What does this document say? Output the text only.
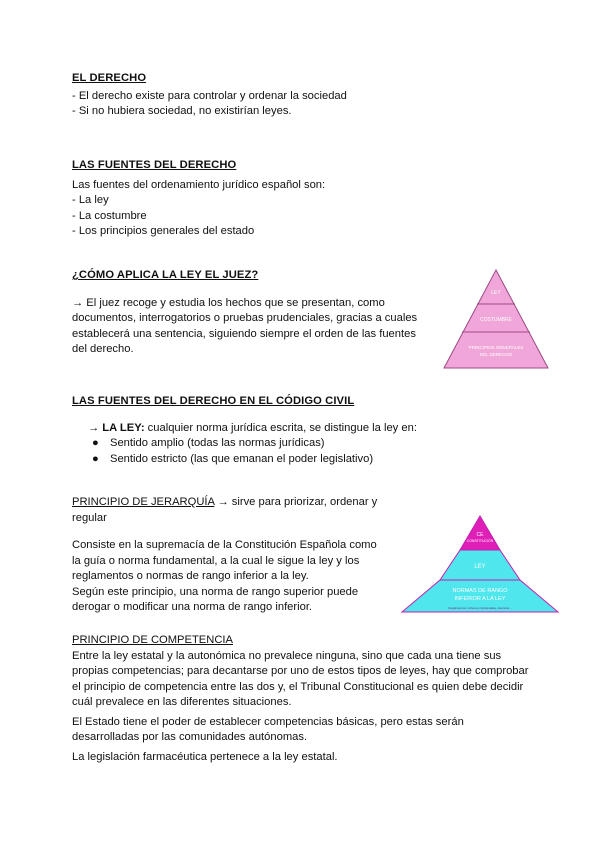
EL DERECHO
- El derecho existe para controlar y ordenar la sociedad
- Si no hubiera sociedad, no existirían leyes.
LAS FUENTES DEL DERECHO
Las fuentes del ordenamiento jurídico español son:
- La ley
- La costumbre
- Los principios generales del estado
¿CÓMO APLICA LA LEY EL JUEZ?
→ El juez recoge y estudia los hechos que se presentan, como
documentos, interrogatorios o pruebas prudenciales, gracias a cuales
establecerá una sentencia, siguiendo siempre el orden de las fuentes
del derecho.
LEY
COSTUMBRE
PRINCIPIOS GENERALES
DEL DERECHO
LAS FUENTES DEL DERECHO EN EL CÓDIGO CIVIL
→ LA LEY: cualquier norma jurídica escrita, se distingue la ley en:
● Sentido amplio (todas las normas jurídicas)
● Sentido estricto (las que emanan el poder legislativo)
PRINCIPIO DE JERARQUÍA → sirve para priorizar, ordenar y
regular
Consiste en la supremacía de la Constitución Española como
la guía o norma fundamental, a la cual le sigue la ley y los
reglamentos o normas de rango inferior a la ley.
Según este principio, una norma de rango superior puede
derogar o modificar una norma de rango inferior.
CE
CONSTITUCIÓN
LEY
NORMAS DE RANGO
INFERIOR A LA LEY
Reglamentos: órdenes ministeriales, decretos...
PRINCIPIO DE COMPETENCIA
Entre la ley estatal y la autonómica no prevalece ninguna, sino que cada una tiene sus
propias competencias; para decantarse por uno de estos tipos de leyes, hay que comprobar
el principio de competencia entre las dos y, el Tribunal Constitucional es quien debe decidir
cuál prevalece en las diferentes situaciones.
El Estado tiene el poder de establecer competencias básicas, pero estas serán
desarrolladas por las comunidades autónomas.
La legislación farmacéutica pertenece a la ley estatal.
